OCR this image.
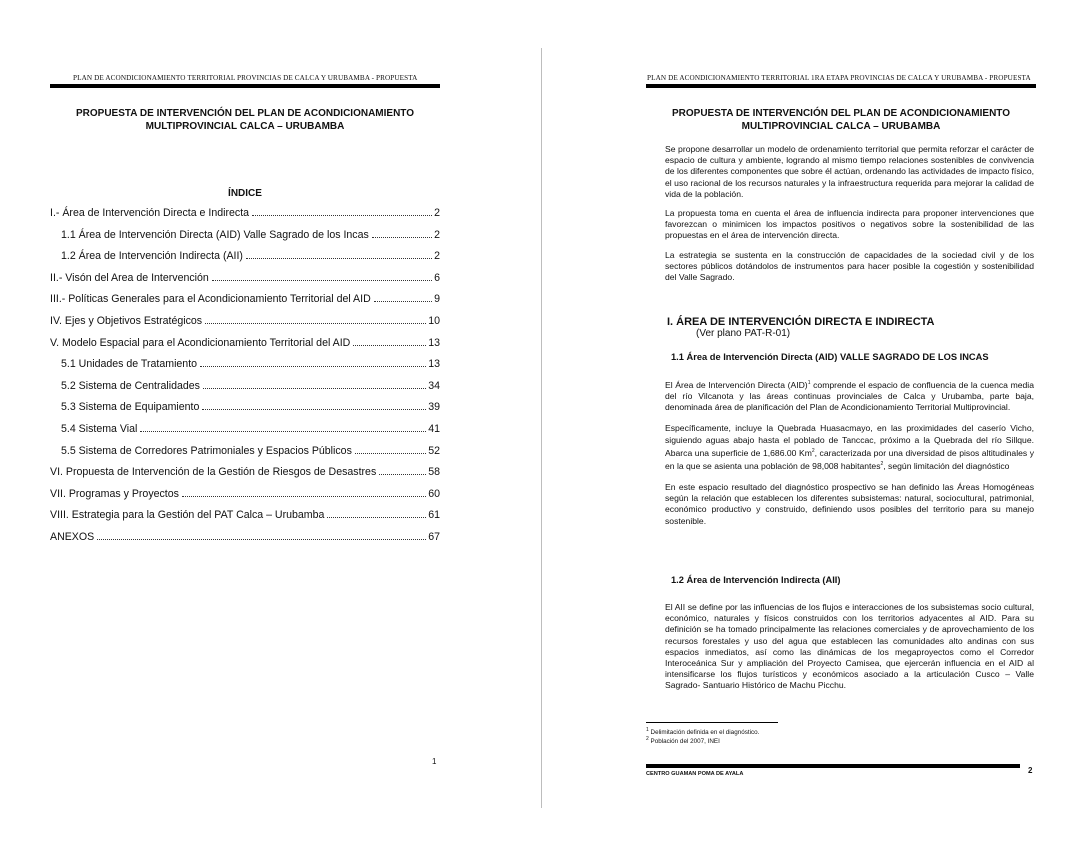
PLAN DE ACONDICIONAMIENTO TERRITORIAL PROVINCIAS DE CALCA Y URUBAMBA - PROPUESTA
PROPUESTA DE INTERVENCIÓN DEL PLAN DE ACONDICIONAMIENTO
MULTIPROVINCIAL CALCA – URUBAMBA
ÍNDICE
I.- Área de Intervención Directa e Indirecta	2
1.1 Área de Intervención Directa (AID) Valle Sagrado de los Incas	2
1.2 Área de Intervención Indirecta (AII)	2
II.- Visón del Area de Intervención	6
III.- Políticas Generales para el Acondicionamiento Territorial del AID	9
IV. Ejes y Objetivos Estratégicos	10
V. Modelo Espacial para el Acondicionamiento Territorial del AID	13
5.1 Unidades de Tratamiento	13
5.2 Sistema de Centralidades	34
5.3 Sistema de Equipamiento	39
5.4 Sistema Vial	41
5.5 Sistema de Corredores Patrimoniales y Espacios Públicos	52
VI. Propuesta de Intervención de la Gestión de Riesgos de Desastres	58
VII. Programas y Proyectos	60
VIII. Estrategia para la Gestión del PAT Calca – Urubamba	61
ANEXOS	67
1
PLAN DE ACONDICIONAMIENTO TERRITORIAL 1RA ETAPA PROVINCIAS DE CALCA Y URUBAMBA - PROPUESTA
PROPUESTA DE INTERVENCIÓN DEL PLAN DE ACONDICIONAMIENTO
MULTIPROVINCIAL CALCA – URUBAMBA

Se propone desarrollar un modelo de ordenamiento territorial que permita reforzar el carácter de espacio de cultura y ambiente, logrando al mismo tiempo relaciones sostenibles de convivencia de los diferentes componentes que sobre él actúan, ordenando las actividades de impacto físico, el uso racional de los recursos naturales y la infraestructura requerida para mejorar la calidad de vida de la población.

La propuesta toma en cuenta el área de influencia indirecta para proponer intervenciones que favorezcan o minimicen los impactos positivos o negativos sobre la sostenibilidad de las propuestas en el área de intervención directa.

La estrategia se sustenta en la construcción de capacidades de la sociedad civil y de los sectores públicos dotándolos de instrumentos para hacer posible la cogestión y sostenibilidad del Valle Sagrado.

I. ÁREA DE INTERVENCIÓN DIRECTA E INDIRECTA
(Ver plano PAT-R-01)
1.1 Área de Intervención Directa (AID) VALLE SAGRADO DE LOS INCAS

El Área de Intervención Directa (AID)$^1$ comprende el espacio de confluencia de la cuenca media del río Vilcanota y las áreas continuas provinciales de Calca y Urubamba, parte baja, denominada área de planificación del Plan de Acondicionamiento Territorial Multiprovincial.

Específicamente, incluye la Quebrada Huasacmayo, en las proximidades del caserío Vicho, siguiendo aguas abajo hasta el poblado de Tanccac, próximo a la Quebrada del río Sillque. Abarca una superficie de 1,686.00 Km$^2$, caracterizada por una diversidad de pisos altitudinales y en la que se asienta una población de 98,008 habitantes$^2$, según limitación del diagnóstico

En este espacio resultado del diagnóstico prospectivo se han definido las Áreas Homogéneas según la relación que establecen los diferentes subsistemas: natural, sociocultural, patrimonial, económico productivo y construido, definiendo usos posibles del territorio para su manejo sostenible.

1.2 Área de Intervención Indirecta (AII)

El AII se define por las influencias de los flujos e interacciones de los subsistemas socio cultural, económico, naturales y físicos construidos con los territorios adyacentes al AID. Para su definición se ha tomado principalmente las relaciones comerciales y de aprovechamiento de los recursos forestales y uso del agua que establecen las comunidades alto andinas con sus espacios inmediatos, así como las dinámicas de los megaproyectos como el Corredor Interoceánica Sur y ampliación del Proyecto Camisea, que ejercerán influencia en el AID al intensificarse los flujos turísticos y económicos asociado a la articulación Cusco – Valle Sagrado- Santuario Histórico de Machu Picchu.

$^1$ Delimitación definida en el diagnóstico.
$^2$ Población del 2007, INEI
CENTRO GUAMAN POMA DE AYALA	2
